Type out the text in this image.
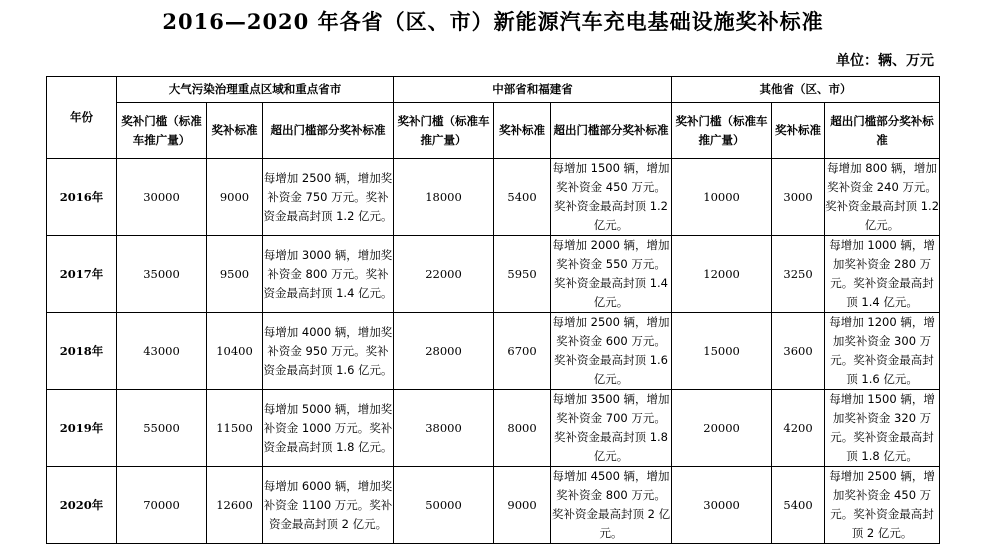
2016—2020 年各省（区、市）新能源汽车充电基础设施奖补标准
单位：辆、万元
年份	大气污染治理重点区域和重点省市			中部省和福建省			其他省（区、市）		
	奖补门槛（标准车推广量）	奖补标准	超出门槛部分奖补标准	奖补门槛（标准车推广量）	奖补标准	超出门槛部分奖补标准	奖补门槛（标准车推广量）	奖补标准	超出门槛部分奖补标准
2016年	30000	9000	每增加 2500 辆，增加奖补资金 750 万元。奖补资金最高封顶 1.2 亿元。	18000	5400	每增加 1500 辆，增加奖补资金 450 万元。奖补资金最高封顶 1.2 亿元。	10000	3000	每增加 800 辆，增加奖补资金 240 万元。奖补资金最高封顶 1.2 亿元。
2017年	35000	9500	每增加 3000 辆，增加奖补资金 800 万元。奖补资金最高封顶 1.4 亿元。	22000	5950	每增加 2000 辆，增加奖补资金 550 万元。奖补资金最高封顶 1.4 亿元。	12000	3250	每增加 1000 辆，增加奖补资金 280 万元。奖补资金最高封顶 1.4 亿元。
2018年	43000	10400	每增加 4000 辆，增加奖补资金 950 万元。奖补资金最高封顶 1.6 亿元。	28000	6700	每增加 2500 辆，增加奖补资金 600 万元。奖补资金最高封顶 1.6 亿元。	15000	3600	每增加 1200 辆，增加奖补资金 300 万元。奖补资金最高封顶 1.6 亿元。
2019年	55000	11500	每增加 5000 辆，增加奖补资金 1000 万元。奖补资金最高封顶 1.8 亿元。	38000	8000	每增加 3500 辆，增加奖补资金 700 万元。奖补资金最高封顶 1.8 亿元。	20000	4200	每增加 1500 辆，增加奖补资金 320 万元。奖补资金最高封顶 1.8 亿元。
2020年	70000	12600	每增加 6000 辆，增加奖补资金 1100 万元。奖补资金最高封顶 2 亿元。	50000	9000	每增加 4500 辆，增加奖补资金 800 万元。奖补资金最高封顶 2 亿元。	30000	5400	每增加 2500 辆，增加奖补资金 450 万元。奖补资金最高封顶 2 亿元。
